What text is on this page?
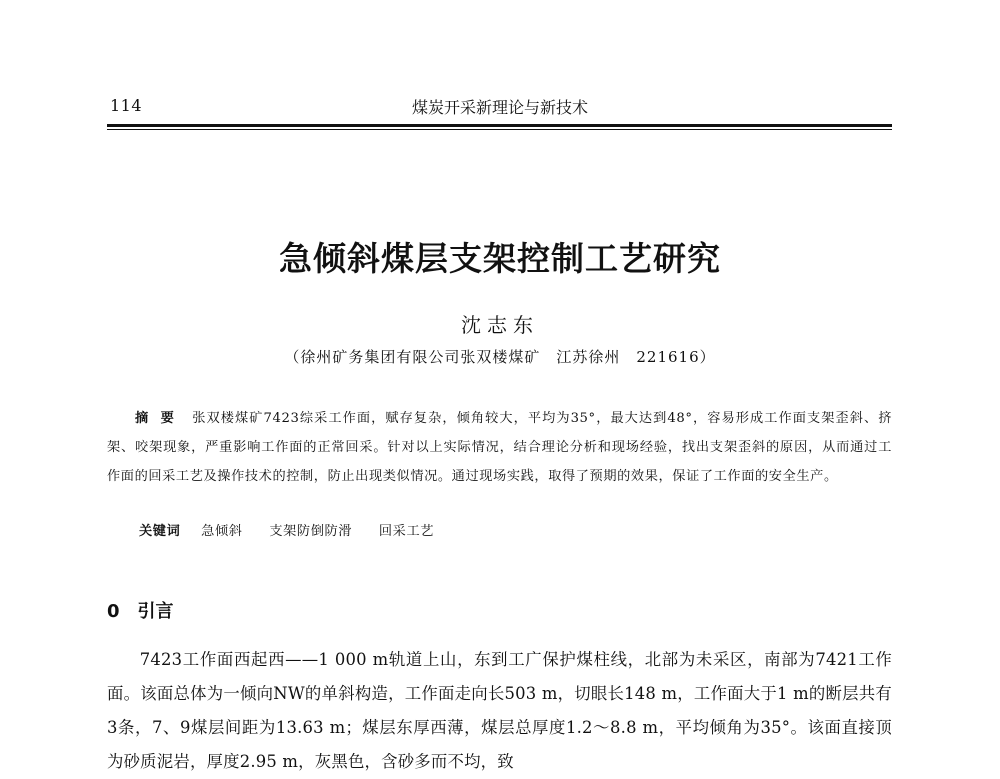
114	煤炭开采新理论与新技术
急倾斜煤层支架控制工艺研究
沈志东
（徐州矿务集团有限公司张双楼煤矿　江苏徐州　221616）
摘要 张双楼煤矿7423综采工作面，赋存复杂，倾角较大，平均为35°，最大达到48°，容易形成工作面支架歪斜、挤架、咬架现象，严重影响工作面的正常回采。针对以上实际情况，结合理论分析和现场经验，找出支架歪斜的原因，从而通过工作面的回采工艺及操作技术的控制，防止出现类似情况。通过现场实践，取得了预期的效果，保证了工作面的安全生产。
关键词 急倾斜 支架防倒防滑 回采工艺
0 引言
7423工作面西起西——1 000 m轨道上山，东到工广保护煤柱线，北部为未采区，南部为7421工作面。该面总体为一倾向NW的单斜构造，工作面走向长503 m，切眼长148 m，工作面大于1 m的断层共有3条，7、9煤层间距为13.63 m；煤层东厚西薄，煤层总厚度1.2～8.8 m，平均倾角为35°。该面直接顶为砂质泥岩，厚度2.95 m，灰黑色，含砂多而不均，致
